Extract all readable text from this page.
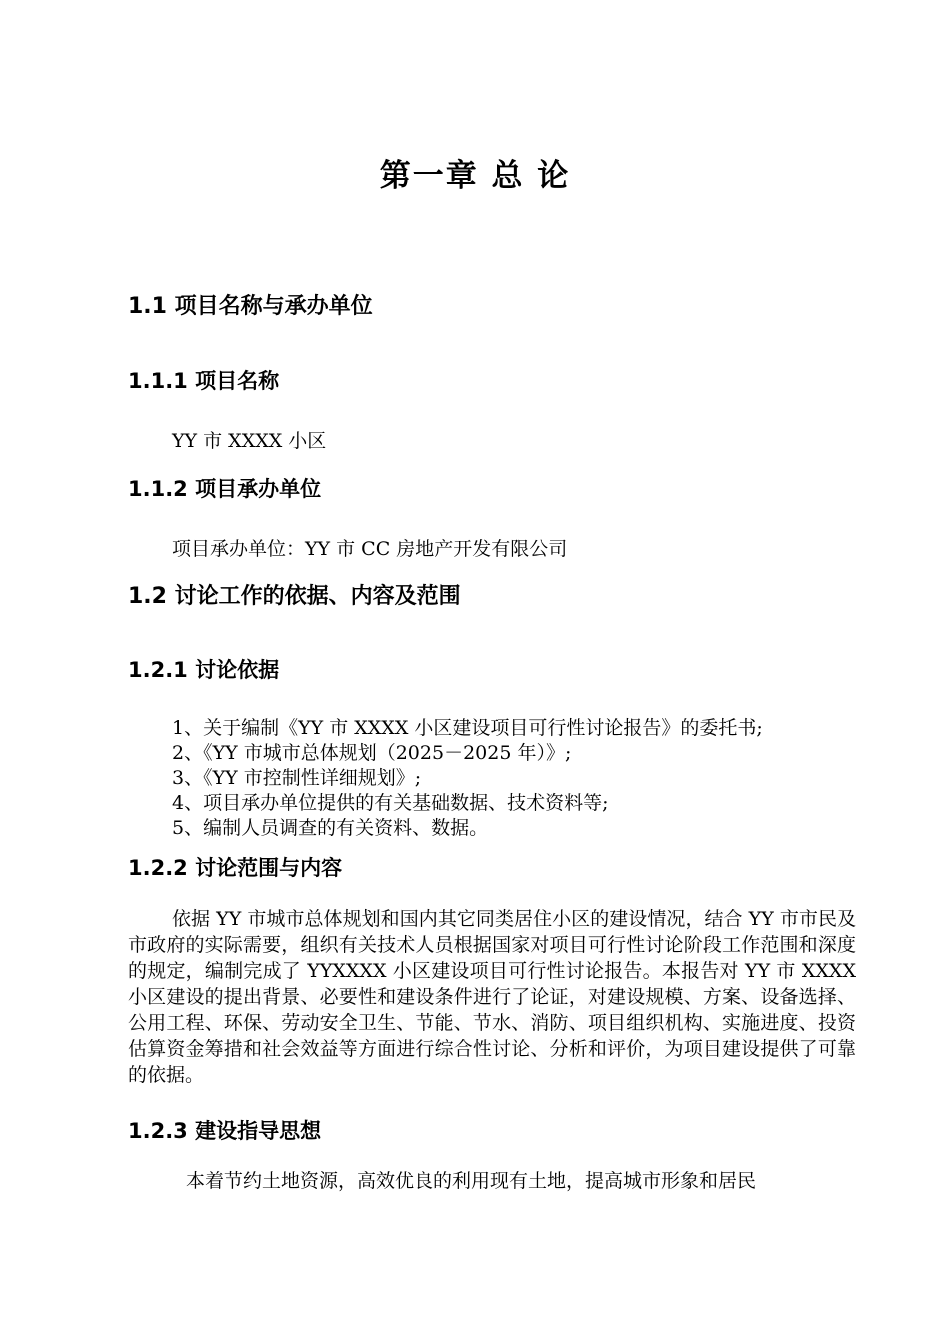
第一章 总 论
1.1 项目名称与承办单位
1.1.1 项目名称
YY 市 XXXX 小区
1.1.2 项目承办单位
项目承办单位：YY 市 CC 房地产开发有限公司
1.2 讨论工作的依据、内容及范围
1.2.1 讨论依据
1、关于编制《YY 市 XXXX 小区建设项目可行性讨论报告》的委托书;
2、《YY 市城市总体规划（2025－2025 年）》;
3、《YY 市控制性详细规划》;
4、项目承办单位提供的有关基础数据、技术资料等;
5、编制人员调查的有关资料、数据。
1.2.2 讨论范围与内容
依据 YY 市城市总体规划和国内其它同类居住小区的建设情况，结合 YY 市市民及市政府的实际需要，组织有关技术人员根据国家对项目可行性讨论阶段工作范围和深度的规定，编制完成了 YYXXXX 小区建设项目可行性讨论报告。本报告对 YY 市 XXXX 小区建设的提出背景、必要性和建设条件进行了论证，对建设规模、方案、设备选择、公用工程、环保、劳动安全卫生、节能、节水、消防、项目组织机构、实施进度、投资估算资金筹措和社会效益等方面进行综合性讨论、分析和评价，为项目建设提供了可靠的依据。
1.2.3 建设指导思想
本着节约土地资源，高效优良的利用现有土地，提高城市形象和居民
